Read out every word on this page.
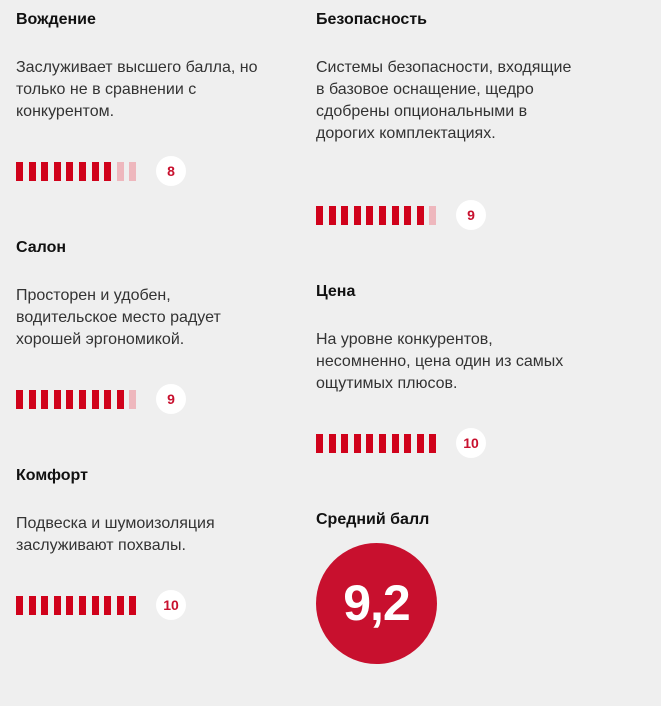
Вождение

Заслуживает высшего балла, но только не в сравнении с конкурентом.

8
Салон

Просторен и удобен, водительское место радует хорошей эргономикой.

9
Комфорт

Подвеска и шумоизоляция заслуживают похвалы.

10
Безопасность

Системы безопасности, входящие в базовое оснащение, щедро сдобрены опциональными в дорогих комплектациях.

9
Цена

На уровне конкурентов, несомненно, цена один из самых ощутимых плюсов.

10
Средний балл
9,2
